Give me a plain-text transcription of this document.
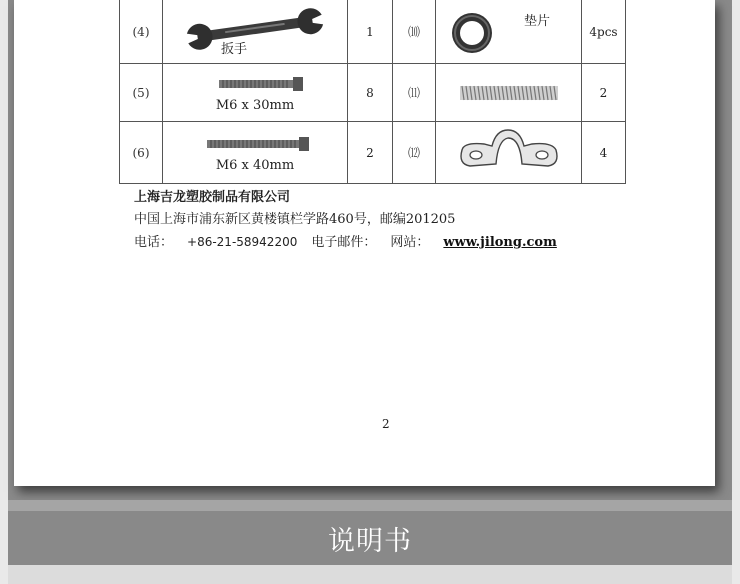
(4)	扳手	1	⑽	垫片	4pcs
(5)	M6 x 30mm	8	⑾		2
(6)	M6 x 40mm	2	⑿		4
上海吉龙塑胶制品有限公司
中国上海市浦东新区黄楼镇栏学路460号，邮编201205
电话： +86-21-58942200 电子邮件： 网站： www.jilong.com
2
说明书
